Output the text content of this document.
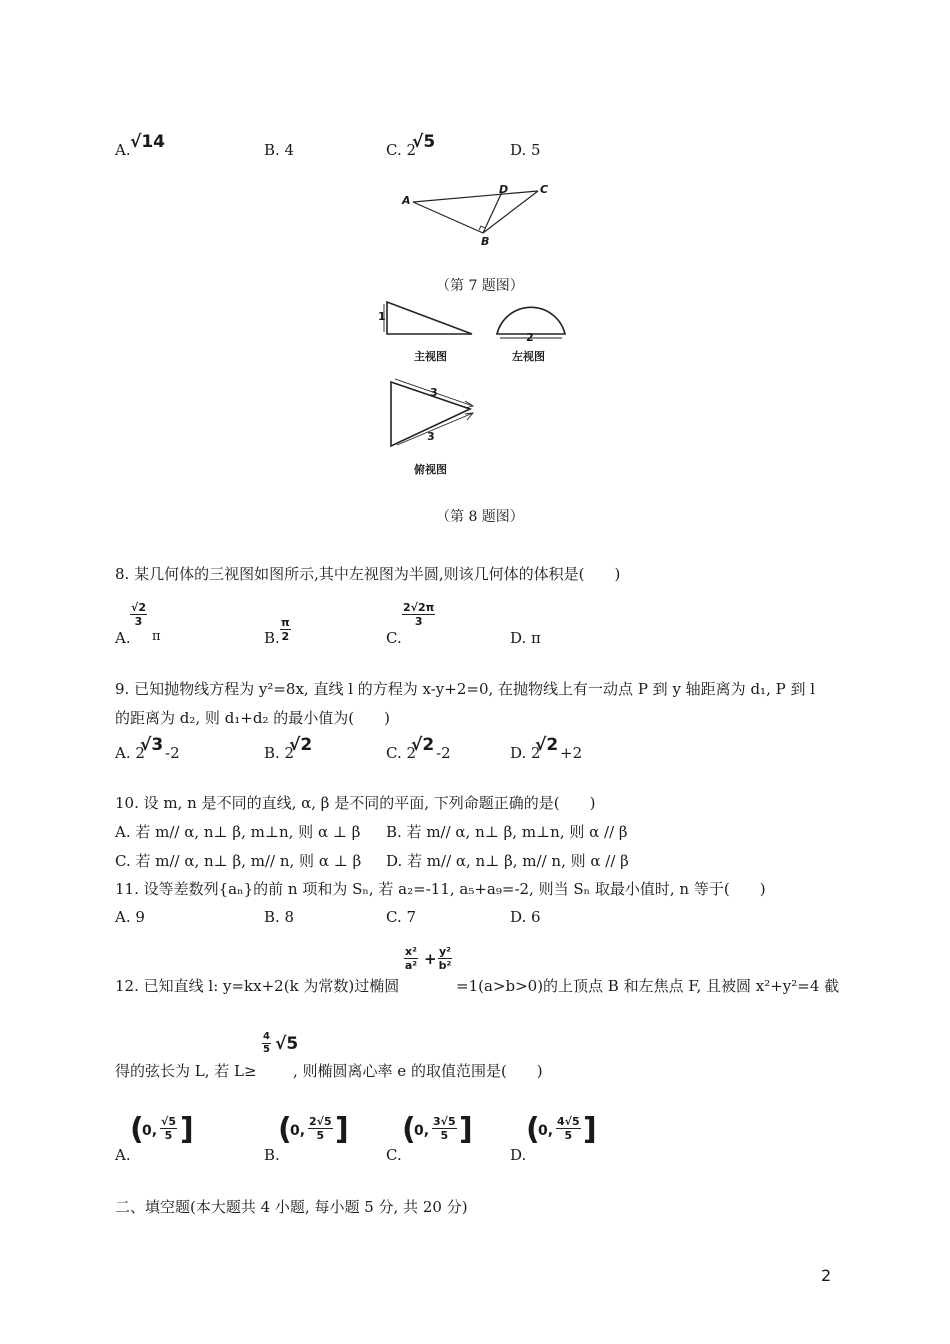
A. √14	B. 4	C. 2
√5	D. 5
A
B
C
D
（第 7 题图）
1
2
主视图	左视图
3
3
俯视图
（第 8 题图）
8. 某几何体的三视图如图所示,其中左视图为半圆,则该几何体的体积是(　　)
A.
$\frac{√2}{3}$
π	B. $\frac{\pi}{2}$	C.
$\frac{2√2\pi}{3}$
D. π
9. 已知抛物线方程为 y²=8x, 直线 l 的方程为 x-y+2=0, 在抛物线上有一动点 P 到 y 轴距离为 d₁, P 到 l
的距离为 d₂, 则 d₁+d₂ 的最小值为(　　)
A. 2
√3 -2	B. 2
√2	C. 2
√2 -2	D. 2
√2 +2
10. 设 m, n 是不同的直线, α, β 是不同的平面, 下列命题正确的是(　　)
A. 若 m// α, n⊥ β, m⊥n, 则 α ⊥ β B. 若 m// α, n⊥ β, m⊥n, 则 α // β
C. 若 m// α, n⊥ β, m// n, 则 α ⊥ β D. 若 m// α, n⊥ β, m// n, 则 α // β
11. 设等差数列{aₙ}的前 n 项和为 Sₙ, 若 a₂=-11, a₅+a₉=-2, 则当 Sₙ 取最小值时, n 等于(　　)
A. 9	B. 8	C. 7	D. 6
12. 已知直线 l: y=kx+2(k 为常数)过椭圆
$\frac{\text{x²}}{\text{a²}} + \frac{\text{y²}}{\text{b²}}$
=1(a>b>0)的上顶点 B 和左焦点 F, 且被圆 x²+y²=4 截
得的弦长为 L, 若 L≥
$\frac{4}{5} √5$
, 则椭圆离心率 e 的取值范围是(　　)
A.
(
0, $\frac{√5}{5}$ ]
B.
(
0, $\frac{2√5}{5}$ ]
C.
(
0, $\frac{3√5}{5}$ ]
D.
(
0, $\frac{4√5}{5}$ ]
二、填空题(本大题共 4 小题, 每小题 5 分, 共 20 分)
2
